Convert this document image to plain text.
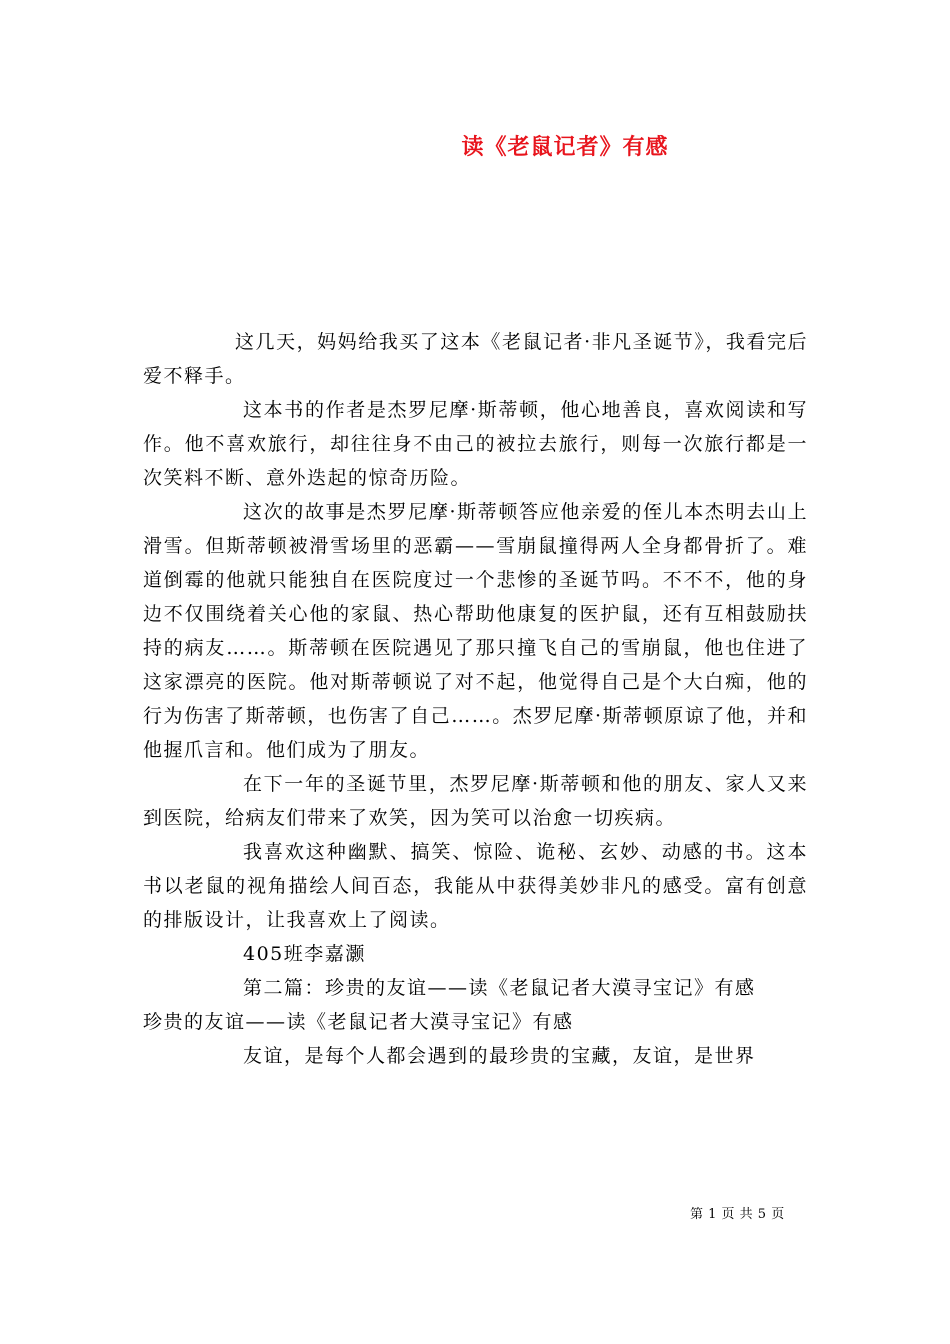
读《老鼠记者》有感

这几天，妈妈给我买了这本《老鼠记者·非凡圣诞节》，我看完后爱不释手。

这本书的作者是杰罗尼摩·斯蒂顿，他心地善良，喜欢阅读和写作。他不喜欢旅行，却往往身不由己的被拉去旅行，则每一次旅行都是一次笑料不断、意外迭起的惊奇历险。

这次的故事是杰罗尼摩·斯蒂顿答应他亲爱的侄儿本杰明去山上滑雪。但斯蒂顿被滑雪场里的恶霸——雪崩鼠撞得两人全身都骨折了。难道倒霉的他就只能独自在医院度过一个悲惨的圣诞节吗。不不不，他的身边不仅围绕着关心他的家鼠、热心帮助他康复的医护鼠，还有互相鼓励扶持的病友……。斯蒂顿在医院遇见了那只撞飞自己的雪崩鼠，他也住进了这家漂亮的医院。他对斯蒂顿说了对不起，他觉得自己是个大白痴，他的行为伤害了斯蒂顿，也伤害了自己……。杰罗尼摩·斯蒂顿原谅了他，并和他握爪言和。他们成为了朋友。

在下一年的圣诞节里，杰罗尼摩·斯蒂顿和他的朋友、家人又来到医院，给病友们带来了欢笑，因为笑可以治愈一切疾病。

我喜欢这种幽默、搞笑、惊险、诡秘、玄妙、动感的书。这本书以老鼠的视角描绘人间百态，我能从中获得美妙非凡的感受。富有创意的排版设计，让我喜欢上了阅读。

405班李嘉灏

第二篇：珍贵的友谊——读《老鼠记者大漠寻宝记》有感

珍贵的友谊——读《老鼠记者大漠寻宝记》有感

友谊，是每个人都会遇到的最珍贵的宝藏，友谊，是世界

第 1 页 共 5 页
